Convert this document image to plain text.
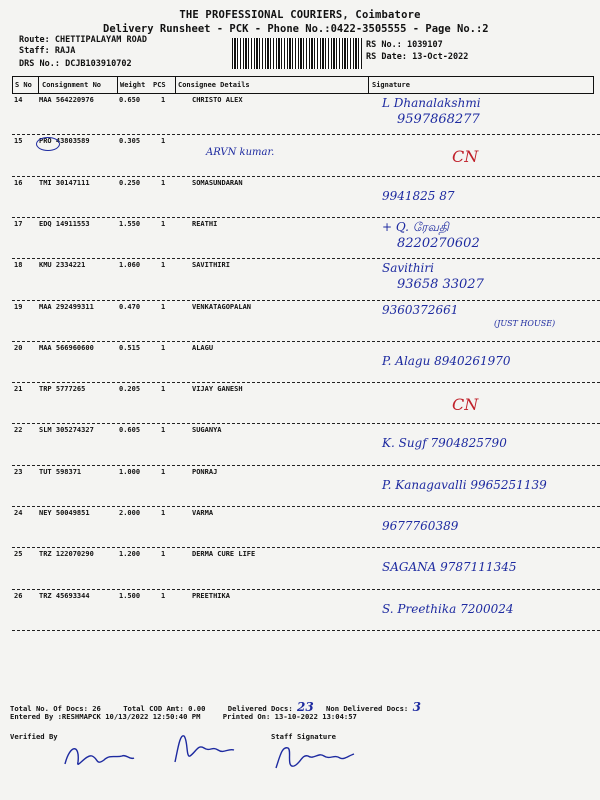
THE PROFESSIONAL COURIERS, Coimbatore
Delivery Runsheet - PCK - Phone No.:0422-3505555 - Page No.:2
Route: CHETTIPALAYAM ROAD
Staff: RAJA
DRS No.: DCJB103910702
RS No.: 1039107
RS Date: 13-Oct-2022
S No Consignment No	Weight PCS Consignee Details	Signature
14 MAA 564220976	0.650	1	CHRISTO ALEX	L Dhanalakshmi
9597868277
15 PRO 43803589	0.305	1
ARVN kumar.	CN
16 TMI 30147111	0.250	1	SOMASUNDARAN
9941825 87
17 EDQ 14911553	1.550	1	REATHI	+ Q. ரேவதி
8220270602
18 KMU 2334221	1.060	1	SAVITHIRI	Savithiri
93658 33027
19 MAA 292499311	0.470	1	VENKATAGOPALAN	9360372661
(JUST HOUSE)
20 MAA 566960600	0.515	1	ALAGU
P. Alagu 8940261970
21 TRP 5777265	0.205	1	VIJAY GANESH
CN
22 SLM 305274327	0.605	1	SUGANYA
K. Sugf 7904825790
23 TUT 598371	1.000	1	PONRAJ
P. Kanagavalli 9965251139
24 NEY 50049851	2.000	1	VARMA
9677760389
25 TRZ 122070290	1.200	1	DERMA CURE LIFE
SAGANA 9787111345
26 TRZ 45693344	1.500	1	PREETHIKA
S. Preethika 7200024
Total No. Of Docs: 26	Total COD Amt: 0.00	Delivered Docs: 23 Non Delivered Docs: 3
Entered By :RESHMAPCK 10/13/2022 12:50:40 PM	Printed On: 13-10-2022 13:04:57
Verified By	Staff Signature
